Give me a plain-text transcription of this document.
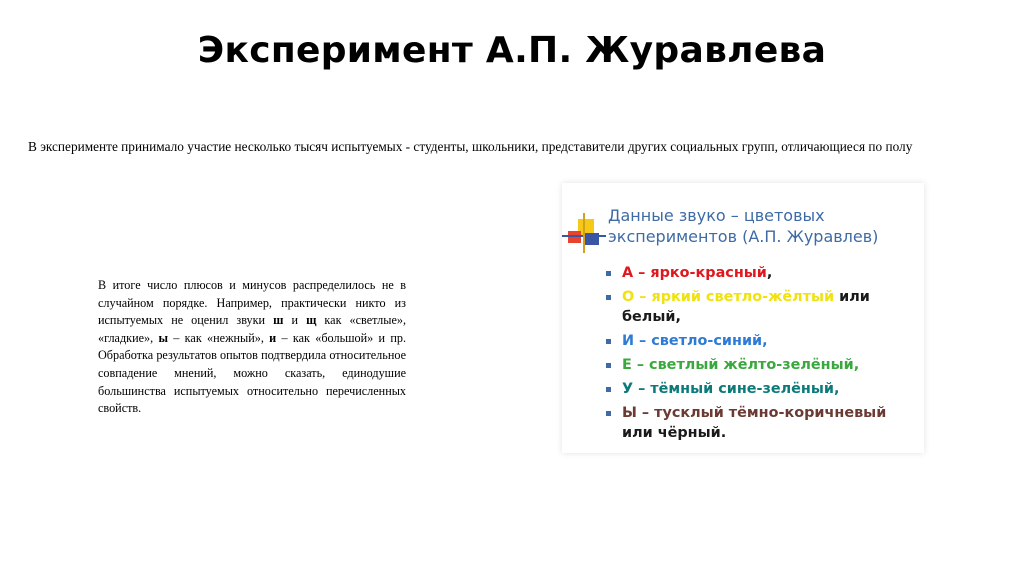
Эксперимент А.П. Журавлева
В эксперименте принимало участие несколько тысяч испытуемых - студенты, школьники, представители других социальных групп, отличающиеся по полу
В итоге число плюсов и минусов распределилось не в случайном порядке. Например, практически никто из испытуемых не оценил звуки ш и щ как «светлые», «гладкие», ы – как «нежный», и – как «большой» и пр. Обработка результатов опытов подтвердила относительное совпадение мнений, можно сказать, единодушие большинства испытуемых относительно перечисленных свойств.
Данные звуко – цветовых
экспериментов (А.П. Журавлев)
А – ярко-красный,
О – яркий светло-жёлтый или белый,
И – светло-синий,
Е – светлый жёлто-зелёный,
У – тёмный сине-зелёный,
Ы – тусклый тёмно-коричневый или чёрный.
